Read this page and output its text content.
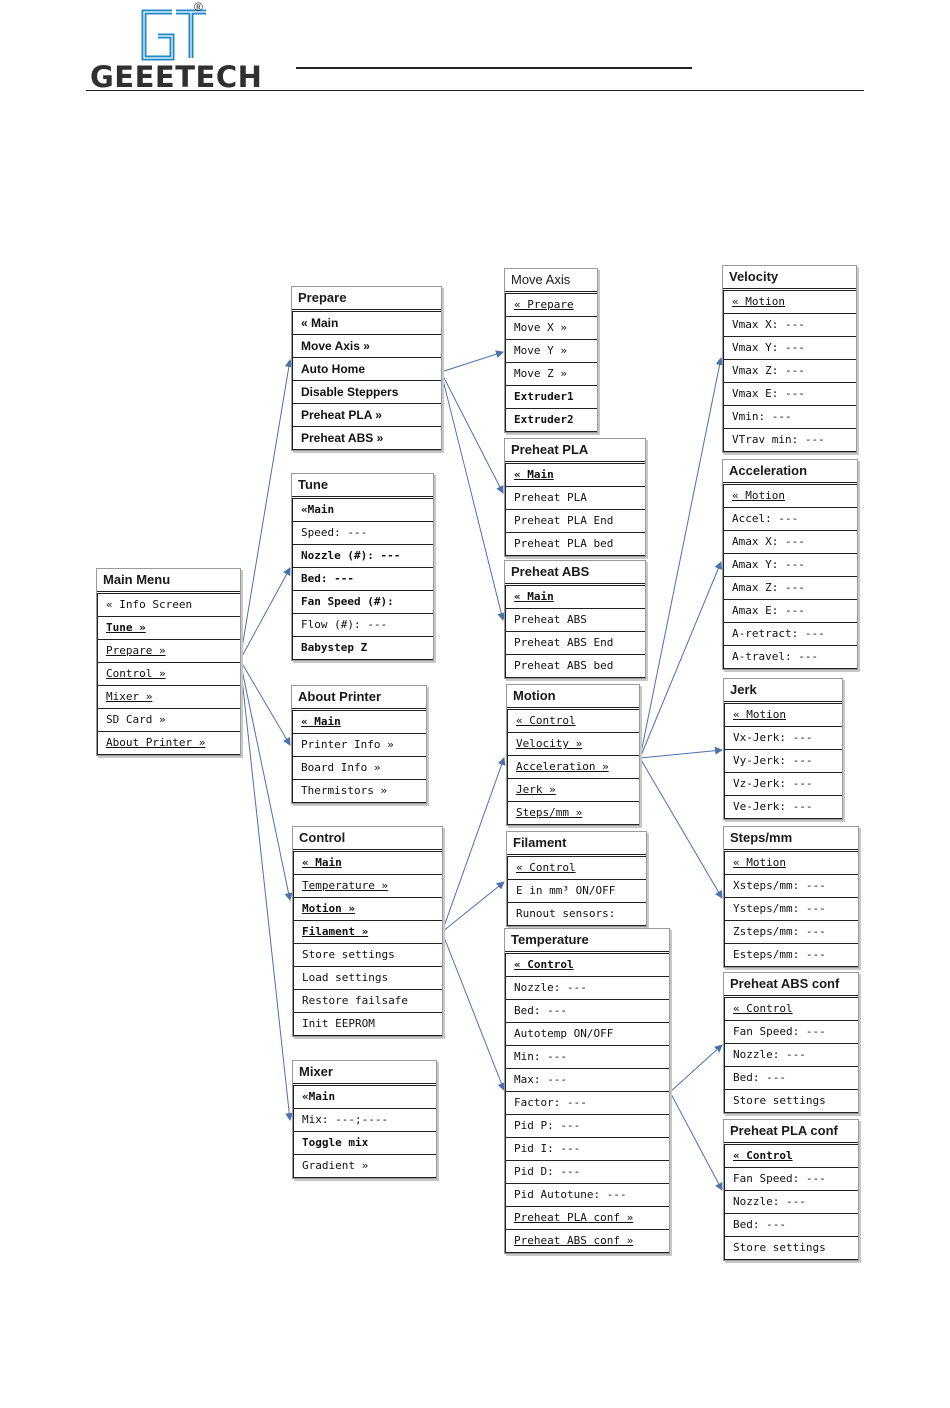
®
GEEETECH
Main Menu
« Info Screen
Tune »
Prepare »
Control »
Mixer »
SD Card »
About Printer »
Prepare
« Main
Move Axis »
Auto Home
Disable Steppers
Preheat PLA »
Preheat ABS »
Tune
«Main
Speed: ---
Nozzle (#): ---
Bed: ---
Fan Speed (#):
Flow (#): ---
Babystep Z
About Printer
« Main
Printer Info »
Board Info »
Thermistors »
Control
« Main
Temperature »
Motion »
Filament »
Store settings
Load settings
Restore failsafe
Init EEPROM
Mixer
«Main
Mix: ---;----
Toggle mix
Gradient »
Move Axis
« Prepare
Move X »
Move Y »
Move Z »
Extruder1
Extruder2
Preheat PLA
« Main
Preheat PLA
Preheat PLA End
Preheat PLA bed
Preheat ABS
« Main
Preheat ABS
Preheat ABS End
Preheat ABS bed
Motion
« Control
Velocity »
Acceleration »
Jerk »
Steps/mm »
Filament
« Control
E in mm³ ON/OFF
Runout sensors:
Temperature
« Control
Nozzle: ---
Bed: ---
Autotemp ON/OFF
Min: ---
Max: ---
Factor: ---
Pid P: ---
Pid I: ---
Pid D: ---
Pid Autotune: ---
Preheat PLA conf »
Preheat ABS conf »
Velocity
« Motion
Vmax X: ---
Vmax Y: ---
Vmax Z: ---
Vmax E: ---
Vmin: ---
VTrav min: ---
Acceleration
« Motion
Accel: ---
Amax X: ---
Amax Y: ---
Amax Z: ---
Amax E: ---
A-retract: ---
A-travel: ---
Jerk
« Motion
Vx-Jerk: ---
Vy-Jerk: ---
Vz-Jerk: ---
Ve-Jerk: ---
Steps/mm
« Motion
Xsteps/mm: ---
Ysteps/mm: ---
Zsteps/mm: ---
Esteps/mm: ---
Preheat ABS conf
« Control
Fan Speed: ---
Nozzle: ---
Bed: ---
Store settings
Preheat PLA conf
« Control
Fan Speed: ---
Nozzle: ---
Bed: ---
Store settings
